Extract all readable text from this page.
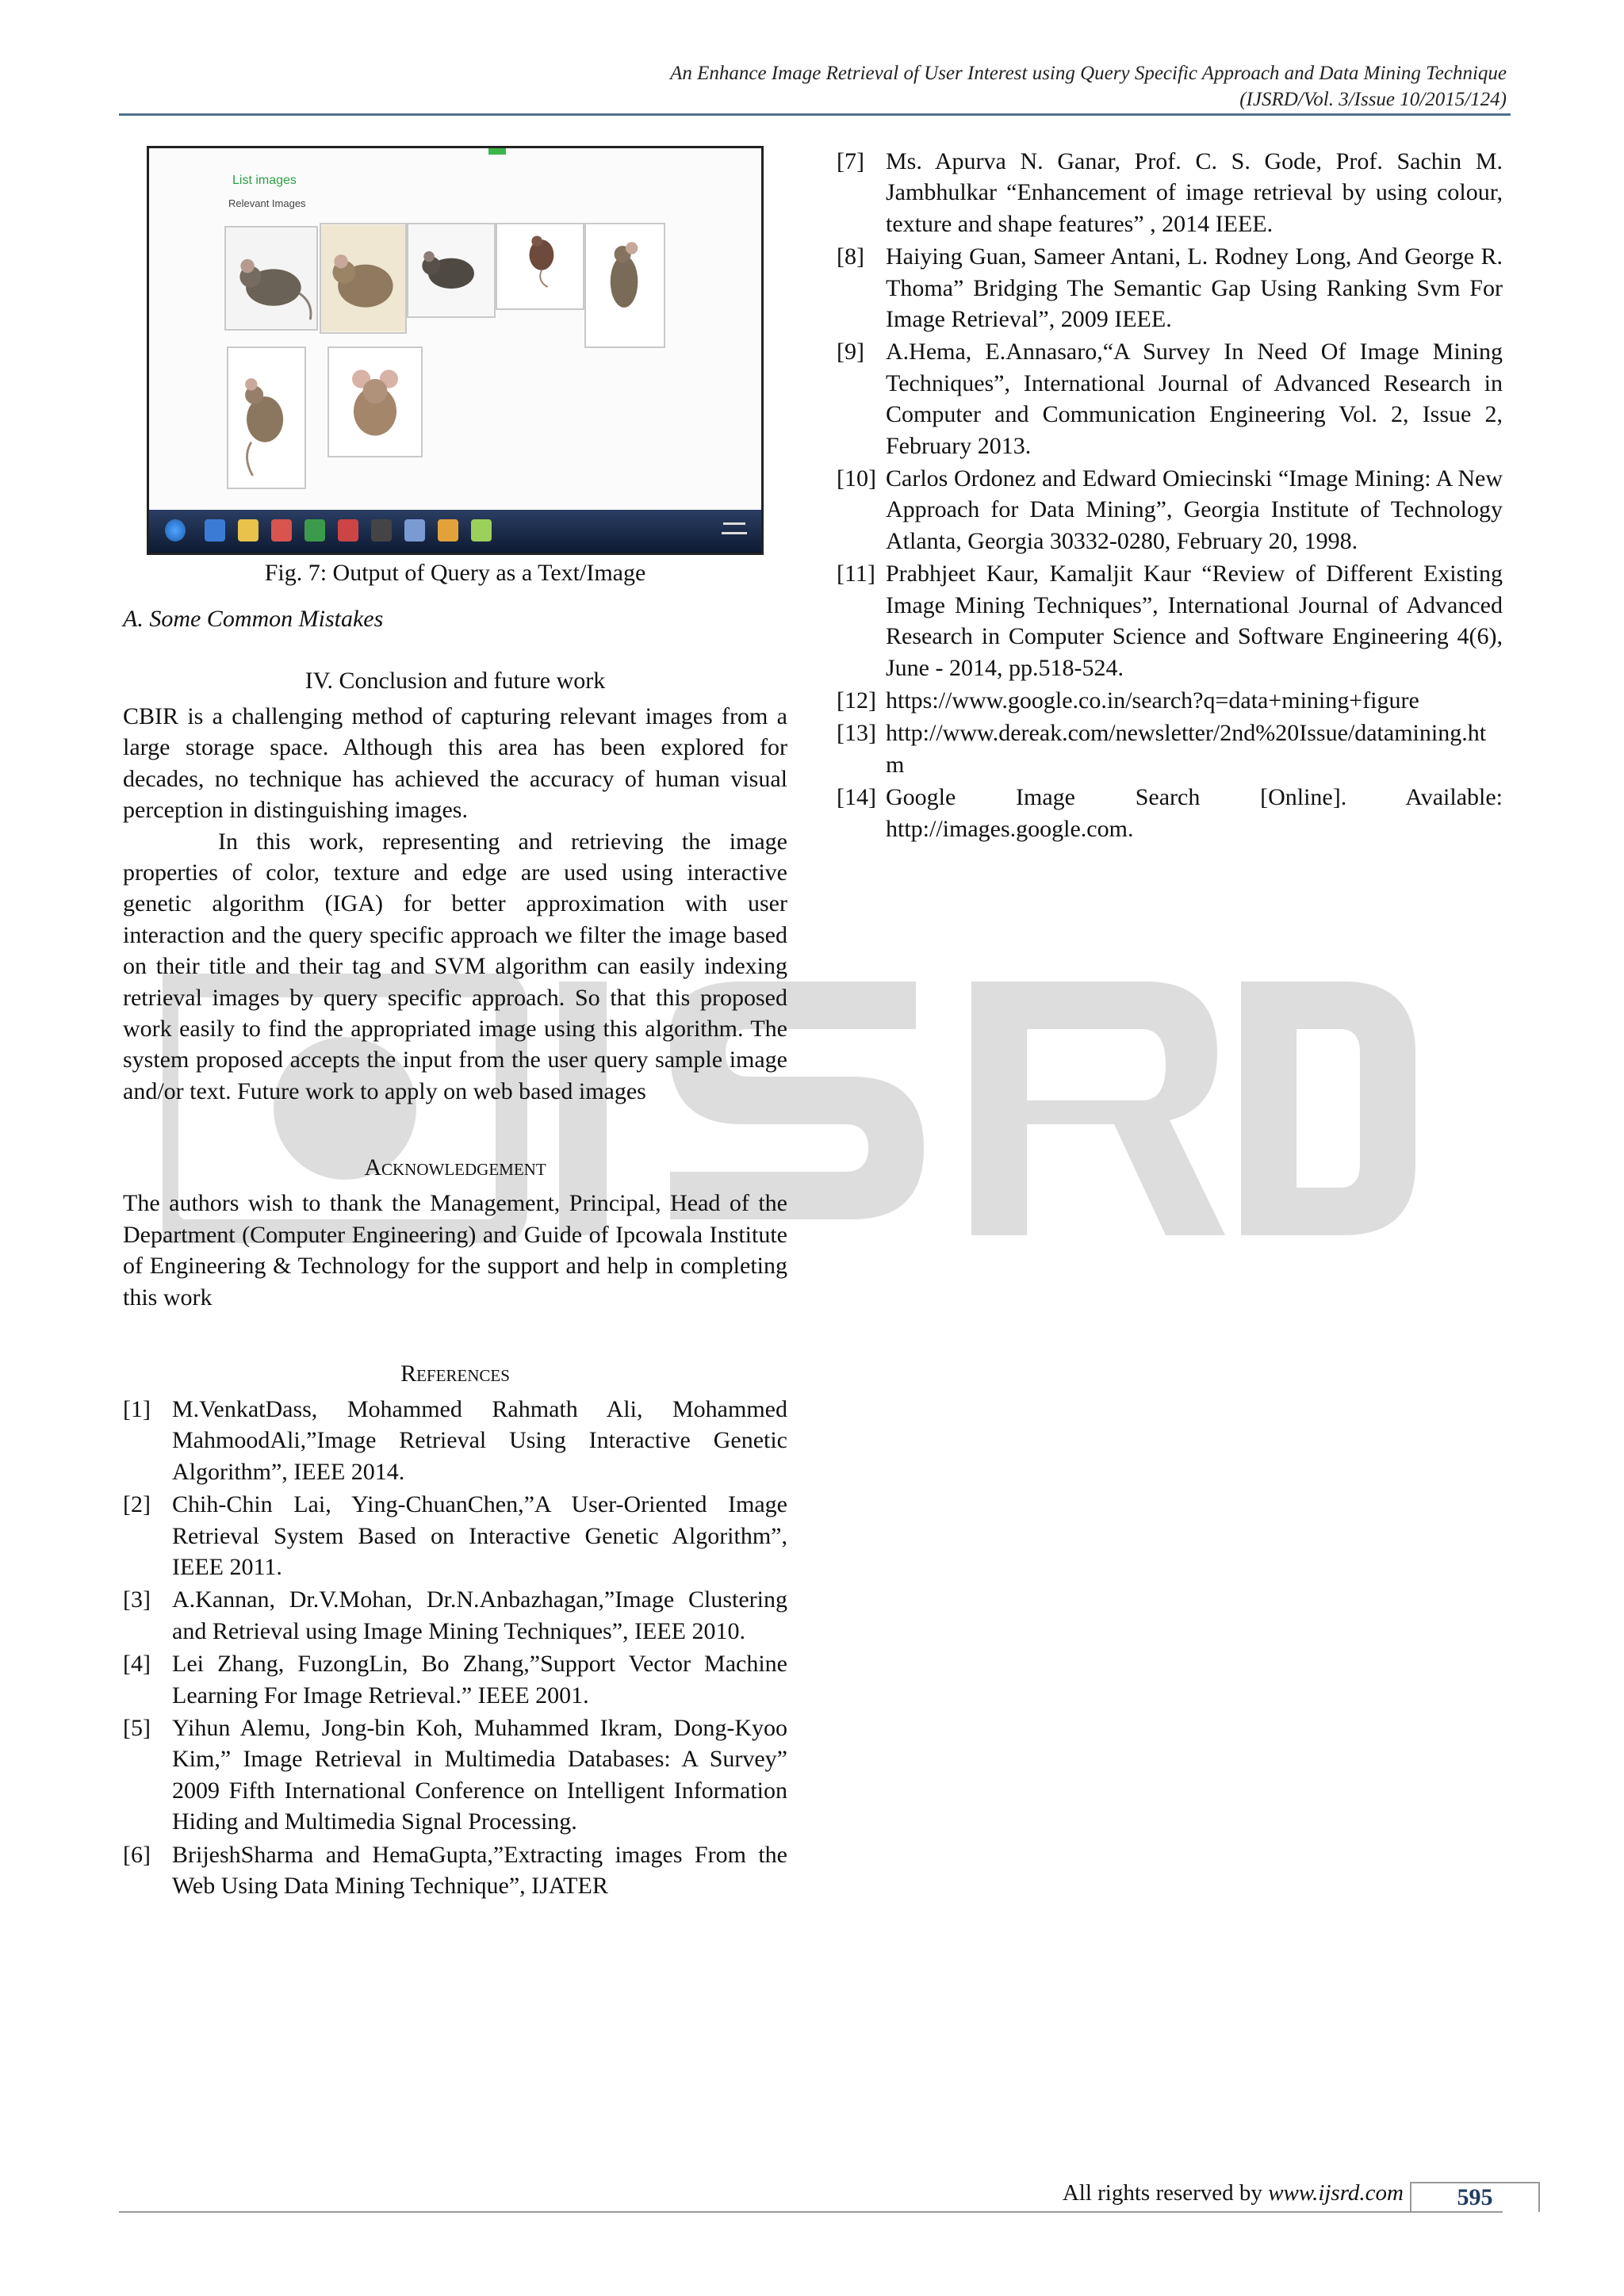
An Enhance Image Retrieval of User Interest using Query Specific Approach and Data Mining Technique
(IJSRD/Vol. 3/Issue 10/2015/124)
List images
Relevant Images
Fig. 7: Output of Query as a Text/Image
A. Some Common Mistakes
IV. Conclusion and future work

CBIR is a challenging method of capturing relevant images from a large storage space. Although this area has been explored for decades, no technique has achieved the accuracy of human visual perception in distinguishing images.

In this work, representing and retrieving the image properties of color, texture and edge are used using interactive genetic algorithm (IGA) for better approximation with user interaction and the query specific approach we filter the image based on their title and their tag and SVM algorithm can easily indexing retrieval images by query specific approach. So that this proposed work easily to find the appropriated image using this algorithm. The system proposed accepts the input from the user query sample image and/or text. Future work to apply on web based images

Acknowledgement

The authors wish to thank the Management, Principal, Head of the Department (Computer Engineering) and Guide of Ipcowala Institute of Engineering & Technology for the support and help in completing this work

References
[1] M.VenkatDass, Mohammed Rahmath Ali, Mohammed MahmoodAli,”Image Retrieval Using Interactive Genetic Algorithm”, IEEE 2014.
[2] Chih-Chin Lai, Ying-ChuanChen,”A User-Oriented Image Retrieval System Based on Interactive Genetic Algorithm”, IEEE 2011.
[3] A.Kannan, Dr.V.Mohan, Dr.N.Anbazhagan,”Image Clustering and Retrieval using Image Mining Techniques”, IEEE 2010.
[4] Lei Zhang, FuzongLin, Bo Zhang,”Support Vector Machine Learning For Image Retrieval.” IEEE 2001.
[5] Yihun Alemu, Jong-bin Koh, Muhammed Ikram, Dong-Kyoo Kim,” Image Retrieval in Multimedia Databases: A Survey” 2009 Fifth International Conference on Intelligent Information Hiding and Multimedia Signal Processing.
[6] BrijeshSharma and HemaGupta,”Extracting images From the Web Using Data Mining Technique”, IJATER
[7] Ms. Apurva N. Ganar, Prof. C. S. Gode, Prof. Sachin M. Jambhulkar “Enhancement of image retrieval by using colour, texture and shape features” , 2014 IEEE.
[8] Haiying Guan, Sameer Antani, L. Rodney Long, And George R. Thoma” Bridging The Semantic Gap Using Ranking Svm For Image Retrieval”, 2009 IEEE.
[9] A.Hema, E.Annasaro,“A Survey In Need Of Image Mining Techniques”, International Journal of Advanced Research in Computer and Communication Engineering Vol. 2, Issue 2, February 2013.
[10] Carlos Ordonez and Edward Omiecinski “Image Mining: A New Approach for Data Mining”, Georgia Institute of Technology Atlanta, Georgia 30332-0280, February 20, 1998.
[11] Prabhjeet Kaur, Kamaljit Kaur “Review of Different Existing Image Mining Techniques”, International Journal of Advanced Research in Computer Science and Software Engineering 4(6), June - 2014, pp.518-524.
[12] https://www.google.co.in/search?q=data+mining+figure
[13] http://www.dereak.com/newsletter/2nd%20Issue/datamining.htm
[14] Google Image Search [Online]. Available: http://images.google.com.
All rights reserved by www.ijsrd.com	595
